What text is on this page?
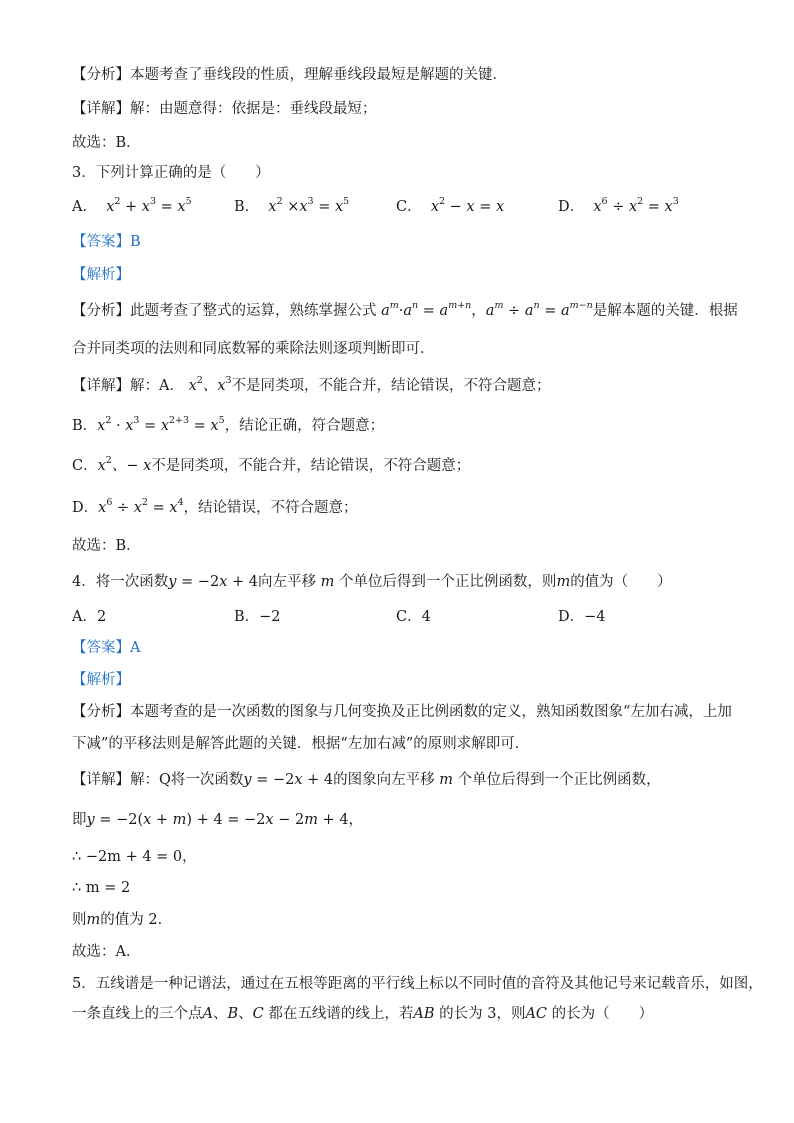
【分析】本题考查了垂线段的性质，理解垂线段最短是解题的关键．
【详解】解：由题意得：依据是：垂线段最短；
故选：B．
3．下列计算正确的是（　　）
A．  $x^2 + x^3 = x^5$	B．  $x^2 \times x^3 = x^5$	C．  $x^2 - x = x$	D．  $x^6 \div x^2 = x^3$
【答案】B
【解析】
【分析】此题考查了整式的运算，熟练掌握公式 $a^m\cdot a^n = a^{m+n}$，$a^m \div a^n = a^{m-n}$是解本题的关键．根据
合并同类项的法则和同底数幂的乘除法则逐项判断即可．
【详解】解：A． $x^2$、$x^3$不是同类项，不能合并，结论错误，不符合题意；
B．$x^2 \cdot x^3 = x^{2+3} = x^5$，结论正确，符合题意；
C．$x^2$、− x不是同类项，不能合并，结论错误，不符合题意；
D．$x^6 \div x^2 = x^4$，结论错误，不符合题意；
故选：B．
4．将一次函数y = −2x + 4向左平移 m 个单位后得到一个正比例函数，则m的值为（　　）
A．2	B．−2	C．4	D．−4
【答案】A
【解析】
【分析】本题考查的是一次函数的图象与几何变换及正比例函数的定义，熟知函数图象“左加右减，上加
下减”的平移法则是解答此题的关键．根据“左加右减”的原则求解即可．
【详解】解：Q将一次函数y = −2x + 4的图象向左平移 m 个单位后得到一个正比例函数，
即y = −2(x + m) + 4 = −2x − 2m + 4，
∴ −2m + 4 = 0，
∴ m = 2
则m的值为 2．
故选：A．
5．五线谱是一种记谱法，通过在五根等距离的平行线上标以不同时值的音符及其他记号来记载音乐，如图，
一条直线上的三个点A、B、C 都在五线谱的线上，若AB 的长为 3，则AC 的长为（　　）
